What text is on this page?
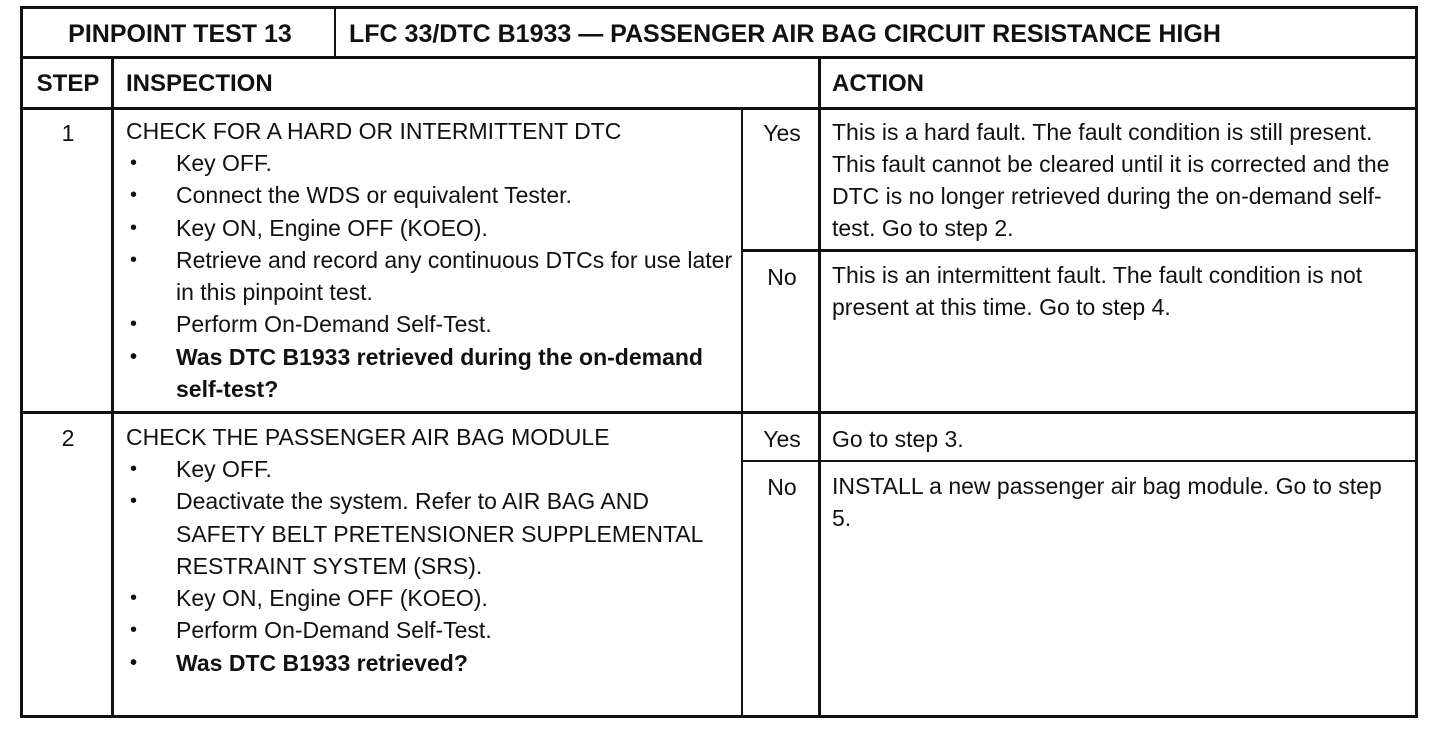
PINPOINT TEST 13	LFC 33/DTC B1933 — PASSENGER AIR BAG CIRCUIT RESISTANCE HIGH
STEP	INSPECTION	ACTION
1	CHECK FOR A HARD OR INTERMITTENT DTC
• Key OFF.
• Connect the WDS or equivalent Tester.
• Key ON, Engine OFF (KOEO).
• Retrieve and record any continuous DTCs for use later in this pinpoint test.
• Perform On-Demand Self-Test.
• Was DTC B1933 retrieved during the on-demand self-test?
Yes	This is a hard fault. The fault condition is still present. This fault cannot be cleared until it is corrected and the DTC is no longer retrieved during the on-demand self-test. Go to step 2.
No	This is an intermittent fault. The fault condition is not present at this time. Go to step 4.
2	CHECK THE PASSENGER AIR BAG MODULE
• Key OFF.
• Deactivate the system. Refer to AIR BAG AND SAFETY BELT PRETENSIONER SUPPLEMENTAL RESTRAINT SYSTEM (SRS).
• Key ON, Engine OFF (KOEO).
• Perform On-Demand Self-Test.
• Was DTC B1933 retrieved?
Yes	Go to step 3.
No	INSTALL a new passenger air bag module. Go to step 5.
